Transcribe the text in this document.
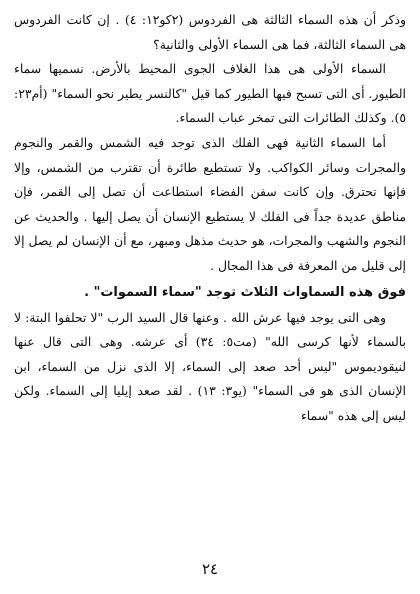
وذكر أن هذه السماء الثالثة هى الفردوس (٢كو١٢: ٤) . إن كانت الفردوس هى السماء الثالثة، فما هى السماء الأولى والثانية؟

السماء الأولى هى هذا الغلاف الجوى المحيط بالأرض. نسميها سماء الطيور. أى التى تسبح فيها الطيور كما قيل "كالنسر يطير نحو السماء" (أم٢٣: ٥). وكذلك الطائرات التى تمخر عباب السماء.

أما السماء الثانية فهى الفلك الذى توجد فيه الشمس والقمر والنجوم والمجرات وسائر الكواكب. ولا تستطيع طائرة أن تقترب من الشمس، وإلا فإنها تحترق. وإن كانت سفن الفضاء استطاعت أن تصل إلى القمر، فإن مناطق عديدة جداً فى الفلك لا يستطيع الإنسان أن يصل إليها . والحديث عن النجوم والشهب والمجرات، هو حديث مذهل ومبهر، مع أن الإنسان لم يصل إلا إلى قليل من المعرفة فى هذا المجال .

فوق هذه السماوات الثلاث توجد "سماء السموات" .

وهى التى يوجد فيها عرش الله . وعنها قال السيد الرب "لا تحلفوا البتة: لا بالسماء لأنها كرسى الله" (مت٥: ٣٤) أى عرشه. وهى التى قال عنها لنيقوديموس "ليس أحد صعد إلى السماء، إلا الذى نزل من السماء، ابن الإنسان الذى هو فى السماء" (يو٣: ١٣) . لقد صعد إيليا إلى السماء. ولكن ليس إلى هذه "سماء

٢٤
